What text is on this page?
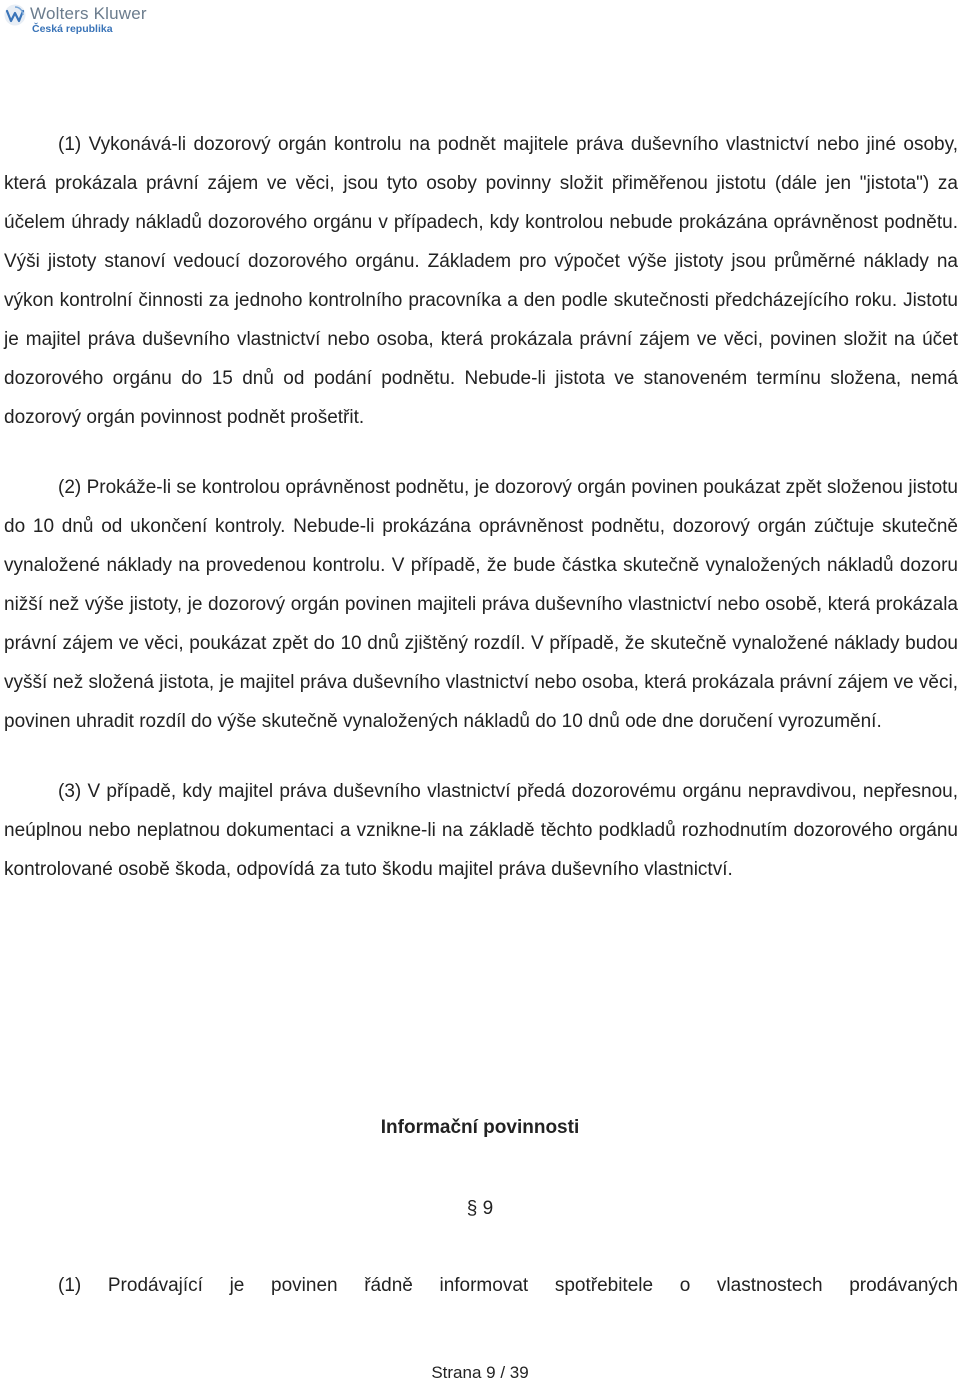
Wolters Kluwer
Česká republika

(1) Vykonává-li dozorový orgán kontrolu na podnět majitele práva duševního vlastnictví nebo jiné osoby, která prokázala právní zájem ve věci, jsou tyto osoby povinny složit přiměřenou jistotu (dále jen "jistota") za účelem úhrady nákladů dozorového orgánu v případech, kdy kontrolou nebude prokázána oprávněnost podnětu. Výši jistoty stanoví vedoucí dozorového orgánu. Základem pro výpočet výše jistoty jsou průměrné náklady na výkon kontrolní činnosti za jednoho kontrolního pracovníka a den podle skutečnosti předcházejícího roku. Jistotu je majitel práva duševního vlastnictví nebo osoba, která prokázala právní zájem ve věci, povinen složit na účet dozorového orgánu do 15 dnů od podání podnětu. Nebude-li jistota ve stanoveném termínu složena, nemá dozorový orgán povinnost podnět prošetřit.

(2) Prokáže-li se kontrolou oprávněnost podnětu, je dozorový orgán povinen poukázat zpět složenou jistotu do 10 dnů od ukončení kontroly. Nebude-li prokázána oprávněnost podnětu, dozorový orgán zúčtuje skutečně vynaložené náklady na provedenou kontrolu. V případě, že bude částka skutečně vynaložených nákladů dozoru nižší než výše jistoty, je dozorový orgán povinen majiteli práva duševního vlastnictví nebo osobě, která prokázala právní zájem ve věci, poukázat zpět do 10 dnů zjištěný rozdíl. V případě, že skutečně vynaložené náklady budou vyšší než složená jistota, je majitel práva duševního vlastnictví nebo osoba, která prokázala právní zájem ve věci, povinen uhradit rozdíl do výše skutečně vynaložených nákladů do 10 dnů ode dne doručení vyrozumění.

(3) V případě, kdy majitel práva duševního vlastnictví předá dozorovému orgánu nepravdivou, nepřesnou, neúplnou nebo neplatnou dokumentaci a vznikne-li na základě těchto podkladů rozhodnutím dozorového orgánu kontrolované osobě škoda, odpovídá za tuto škodu majitel práva duševního vlastnictví.

Informační povinnosti

§ 9

(1) Prodávající je povinen řádně informovat spotřebitele o vlastnostech prodávaných

Strana 9 / 39
